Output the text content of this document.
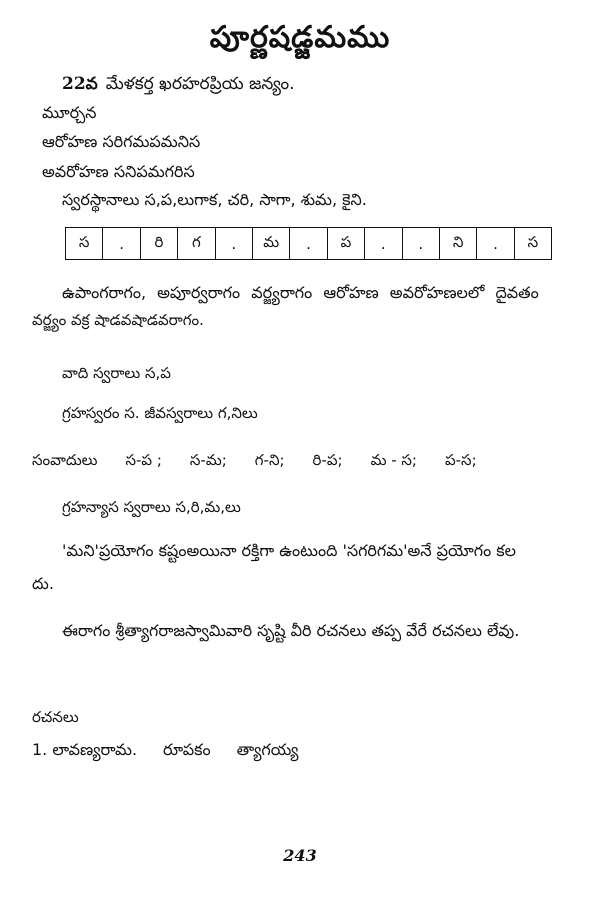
పూర్ణషడ్జమము
22వ మేళకర్త ఖరహరప్రియ జన్యం.
మూర్చన
ఆరోహణ సరిగమపమనిస
అవరోహణ సనిపమగరిస
స్వరస్థానాలు స,ప,లుగాక, చరి, సాగా, శుమ, కైని.
స	.	రి	గ	.	మ	.	ప	.	.	ని	.	స
ఉపాంగరాగం, అపూర్వరాగం వర్జ్యరాగం ఆరోహణ అవరోహణలలో దైవతం
వర్జ్యం వక్ర షాడవషాడవరాగం.
వాది స్వరాలు స,ప
గ్రహస్వరం స. జీవస్వరాలు గ,నిలు
సంవాదులు స-ప ; స-మ; గ-ని; రి-ప; మ - స; ప-స;
గ్రహన్యాస స్వరాలు స,రి,మ,లు
'మని'ప్రయోగం కష్టంఅయినా రక్తిగా ఉంటుంది 'సగరిగమ'అనే ప్రయోగం కల
దు.
ఈరాగం శ్రీత్యాగరాజస్వామివారి సృష్టి వీరి రచనలు తప్ప వేరే రచనలు లేవు.
రచనలు
1. లావణ్యరామ. రూపకం త్యాగయ్య
243
